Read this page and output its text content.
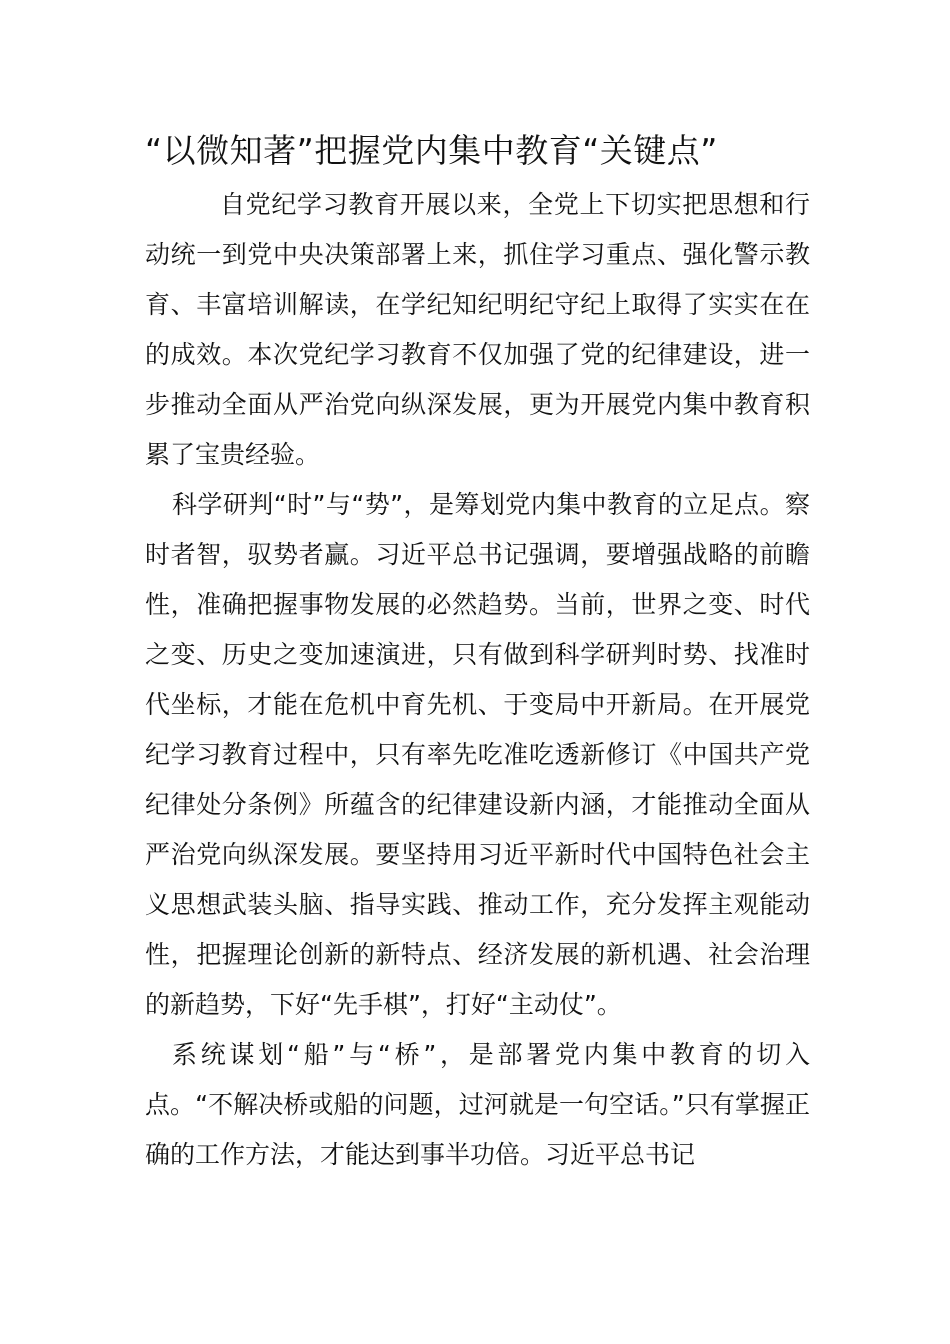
“以微知著”把握党内集中教育“关键点”

自党纪学习教育开展以来，全党上下切实把思想和行动统一到党中央决策部署上来，抓住学习重点、强化警示教育、丰富培训解读，在学纪知纪明纪守纪上取得了实实在在的成效。本次党纪学习教育不仅加强了党的纪律建设，进一步推动全面从严治党向纵深发展，更为开展党内集中教育积累了宝贵经验。

科学研判“时”与“势”，是筹划党内集中教育的立足点。察时者智，驭势者赢。习近平总书记强调，要增强战略的前瞻性，准确把握事物发展的必然趋势。当前，世界之变、时代之变、历史之变加速演进，只有做到科学研判时势、找准时代坐标，才能在危机中育先机、于变局中开新局。在开展党纪学习教育过程中，只有率先吃准吃透新修订《中国共产党纪律处分条例》所蕴含的纪律建设新内涵，才能推动全面从严治党向纵深发展。要坚持用习近平新时代中国特色社会主义思想武装头脑、指导实践、推动工作，充分发挥主观能动性，把握理论创新的新特点、经济发展的新机遇、社会治理的新趋势，下好“先手棋”，打好“主动仗”。

系统谋划“船”与“桥”，是部署党内集中教育的切入点。“不解决桥或船的问题，过河就是一句空话。”只有掌握正确的工作方法，才能达到事半功倍。习近平总书记
